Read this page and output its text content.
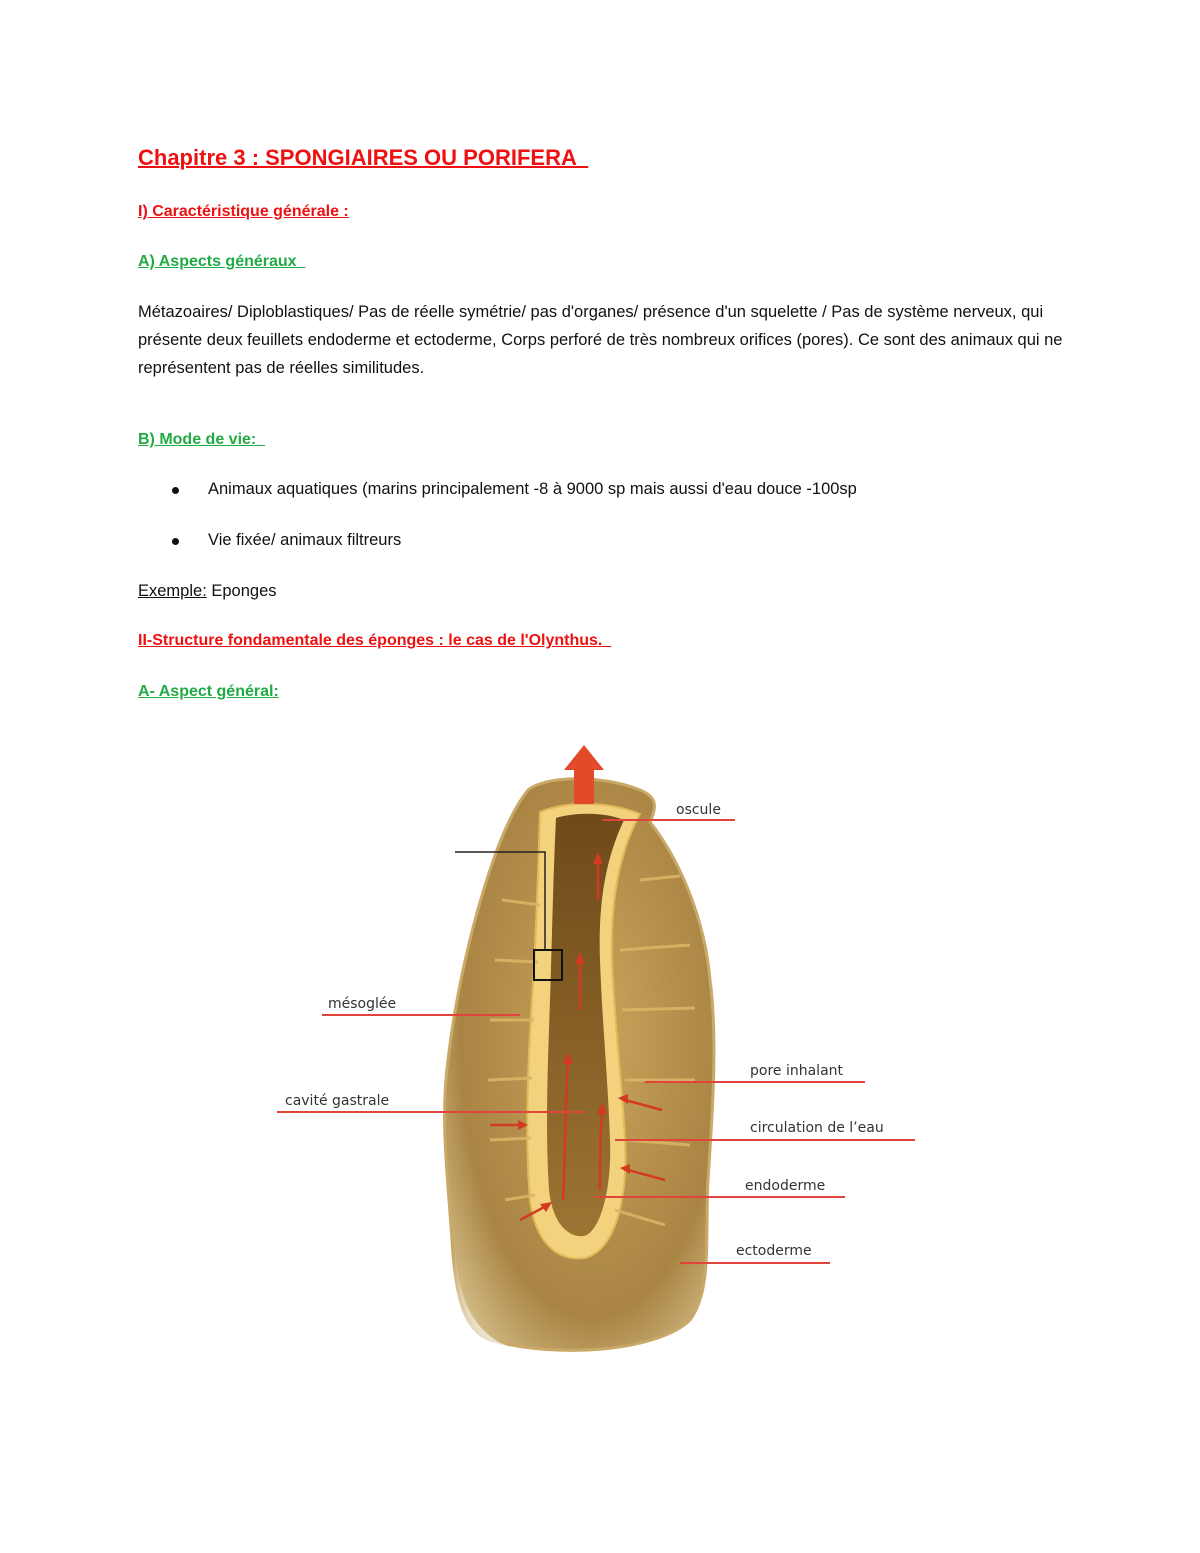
Chapitre 3 : SPONGIAIRES OU PORIFERA
I) Caractéristique générale :
A) Aspects généraux
Métazoaires/ Diploblastiques/ Pas de réelle symétrie/ pas d'organes/ présence d'un squelette / Pas de système nerveux, qui présente deux feuillets endoderme et ectoderme, Corps perforé de très nombreux orifices (pores). Ce sont des animaux qui ne représentent pas de réelles similitudes.
B) Mode de vie:
Animaux aquatiques (marins principalement -8 à 9000 sp mais aussi d'eau douce -100sp
Vie fixée/ animaux filtreurs
Exemple: Eponges
II-Structure fondamentale des éponges : le cas de l'Olynthus.
A- Aspect général:
oscule
mésoglée
pore inhalant
cavité gastrale
circulation de l’eau
endoderme
ectoderme
